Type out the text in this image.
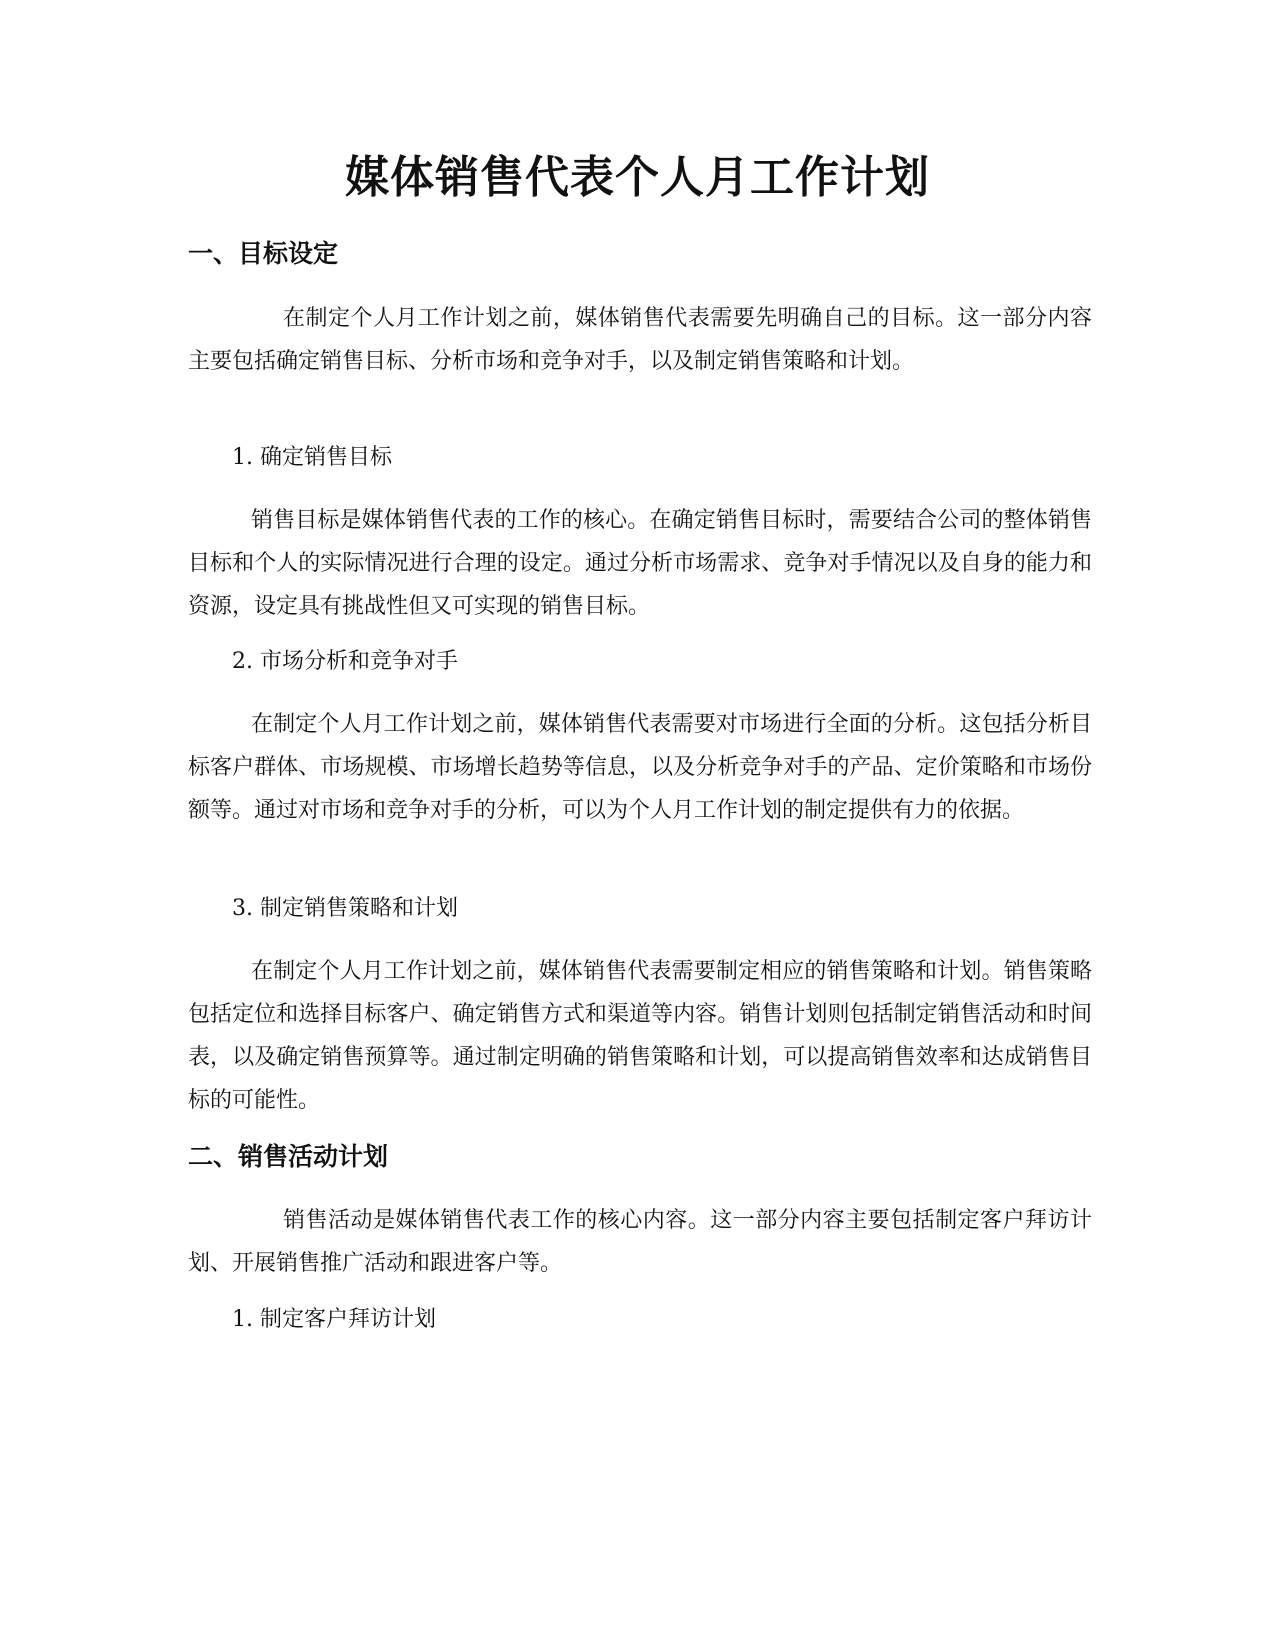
媒体销售代表个人月工作计划
一、目标设定

在制定个人月工作计划之前，媒体销售代表需要先明确自己的目标。这一部分内容主要包括确定销售目标、分析市场和竞争对手，以及制定销售策略和计划。

1. 确定销售目标

销售目标是媒体销售代表的工作的核心。在确定销售目标时，需要结合公司的整体销售目标和个人的实际情况进行合理的设定。通过分析市场需求、竞争对手情况以及自身的能力和资源，设定具有挑战性但又可实现的销售目标。

2. 市场分析和竞争对手

在制定个人月工作计划之前，媒体销售代表需要对市场进行全面的分析。这包括分析目标客户群体、市场规模、市场增长趋势等信息，以及分析竞争对手的产品、定价策略和市场份额等。通过对市场和竞争对手的分析，可以为个人月工作计划的制定提供有力的依据。

3. 制定销售策略和计划

在制定个人月工作计划之前，媒体销售代表需要制定相应的销售策略和计划。销售策略包括定位和选择目标客户、确定销售方式和渠道等内容。销售计划则包括制定销售活动和时间表，以及确定销售预算等。通过制定明确的销售策略和计划，可以提高销售效率和达成销售目标的可能性。

二、销售活动计划

销售活动是媒体销售代表工作的核心内容。这一部分内容主要包括制定客户拜访计划、开展销售推广活动和跟进客户等。

1. 制定客户拜访计划
